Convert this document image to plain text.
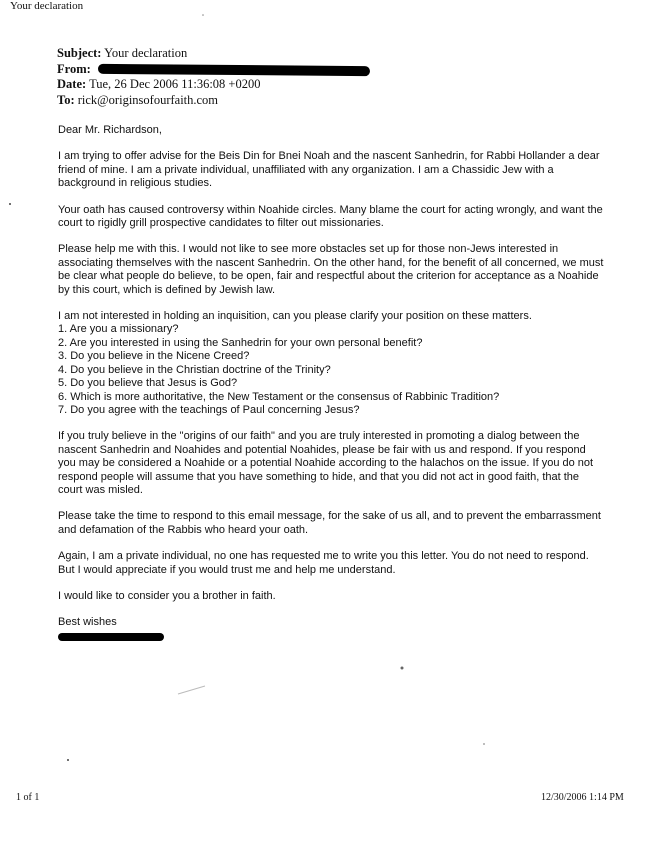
Your declaration
Subject: Your declaration
From:
Date: Tue, 26 Dec 2006 11:36:08 +0200
To: rick@originsofourfaith.com

Dear Mr. Richardson,

I am trying to offer advise for the Beis Din for Bnei Noah and the nascent Sanhedrin, for Rabbi Hollander a dear friend of mine. I am a private individual, unaffiliated with any organization. I am a Chassidic Jew with a background in religious studies.

Your oath has caused controversy within Noahide circles. Many blame the court for acting wrongly, and want the court to rigidly grill prospective candidates to filter out missionaries.

Please help me with this. I would not like to see more obstacles set up for those non-Jews interested in associating themselves with the nascent Sanhedrin. On the other hand, for the benefit of all concerned, we must be clear what people do believe, to be open, fair and respectful about the criterion for acceptance as a Noahide by this court, which is defined by Jewish law.

I am not interested in holding an inquisition, can you please clarify your position on these matters.

1. Are you a missionary?
2. Are you interested in using the Sanhedrin for your own personal benefit?
3. Do you believe in the Nicene Creed?
4. Do you believe in the Christian doctrine of the Trinity?
5. Do you believe that Jesus is God?
6. Which is more authoritative, the New Testament or the consensus of Rabbinic Tradition?
7. Do you agree with the teachings of Paul concerning Jesus?

If you truly believe in the "origins of our faith" and you are truly interested in promoting a dialog between the nascent Sanhedrin and Noahides and potential Noahides, please be fair with us and respond. If you respond you may be considered a Noahide or a potential Noahide according to the halachos on the issue. If you do not respond people will assume that you have something to hide, and that you did not act in good faith, that the court was misled.

Please take the time to respond to this email message, for the sake of us all, and to prevent the embarrassment and defamation of the Rabbis who heard your oath.

Again, I am a private individual, no one has requested me to write you this letter. You do not need to respond. But I would appreciate if you would trust me and help me understand.

I would like to consider you a brother in faith.

Best wishes

1 of 1	12/30/2006 1:14 PM
